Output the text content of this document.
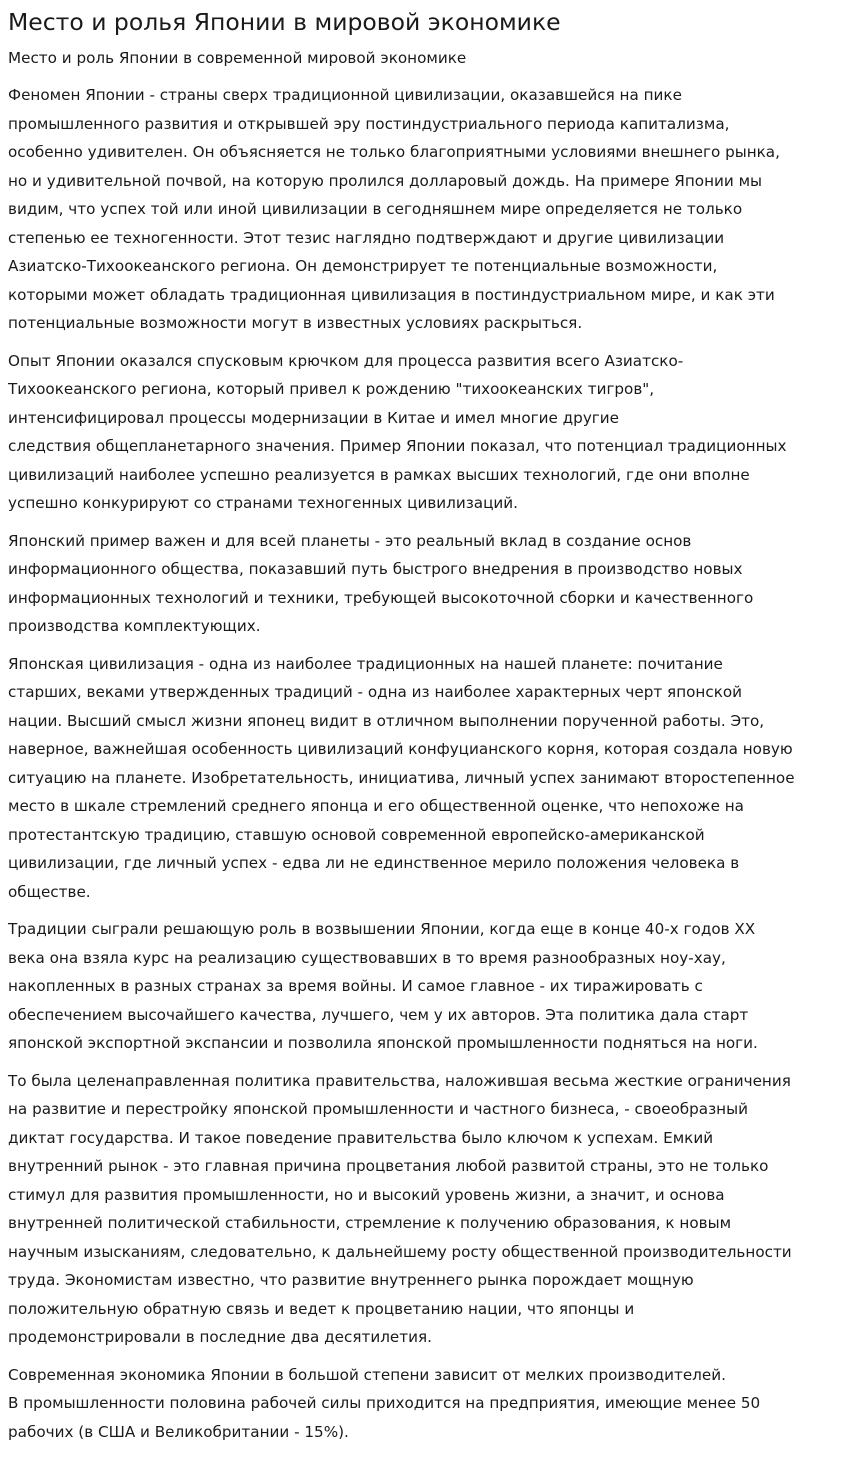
Место и ролья Японии в мировой экономике
Место и роль Японии в современной мировой экономике

Феномен Японии - страны сверх традиционной цивилизации, оказавшейся на пике
промышленного развития и открывшей эру постиндустриального периода капитализма,
особенно удивителен. Он объясняется не только благоприятными условиями внешнего рынка,
но и удивительной почвой, на которую пролился долларовый дождь. На примере Японии мы
видим, что успех той или иной цивилизации в сегодняшнем мире определяется не только
степенью ее техногенности. Этот тезис наглядно подтверждают и другие цивилизации
Азиатско-Тихоокеанского региона. Он демонстрирует те потенциальные возможности,
которыми может обладать традиционная цивилизация в постиндустриальном мире, и как эти
потенциальные возможности могут в известных условиях раскрыться.

Опыт Японии оказался спусковым крючком для процесса развития всего Азиатско-
Тихоокеанского региона, который привел к рождению "тихоокеанских тигров",
интенсифицировал процессы модернизации в Китае и имел многие другие
следствия общепланетарного значения. Пример Японии показал, что потенциал традиционных
цивилизаций наиболее успешно реализуется в рамках высших технологий, где они вполне
успешно конкурируют со странами техногенных цивилизаций.

Японский пример важен и для всей планеты - это реальный вклад в создание основ
информационного общества, показавший путь быстрого внедрения в производство новых
информационных технологий и техники, требующей высокоточной сборки и качественного
производства комплектующих.

Японская цивилизация - одна из наиболее традиционных на нашей планете: почитание
старших, веками утвержденных традиций - одна из наиболее характерных черт японской
нации. Высший смысл жизни японец видит в отличном выполнении порученной работы. Это,
наверное, важнейшая особенность цивилизаций конфуцианского корня, которая создала новую
ситуацию на планете. Изобретательность, инициатива, личный успех занимают второстепенное
место в шкале стремлений среднего японца и его общественной оценке, что непохоже на
протестантскую традицию, ставшую основой современной европейско-американской
цивилизации, где личный успех - едва ли не единственное мерило положения человека в
обществе.

Традиции сыграли решающую роль в возвышении Японии, когда еще в конце 40-х годов XX
века она взяла курс на реализацию существовавших в то время разнообразных ноу-хау,
накопленных в разных странах за время войны. И самое главное - их тиражировать с
обеспечением высочайшего качества, лучшего, чем у их авторов. Эта политика дала старт
японской экспортной экспансии и позволила японской промышленности подняться на ноги.

То была целенаправленная политика правительства, наложившая весьма жесткие ограничения
на развитие и перестройку японской промышленности и частного бизнеса, - своеобразный
диктат государства. И такое поведение правительства было ключом к успехам. Емкий
внутренний рынок - это главная причина процветания любой развитой страны, это не только
стимул для развития промышленности, но и высокий уровень жизни, а значит, и основа
внутренней политической стабильности, стремление к получению образования, к новым
научным изысканиям, следовательно, к дальнейшему росту общественной производительности
труда. Экономистам известно, что развитие внутреннего рынка порождает мощную
положительную обратную связь и ведет к процветанию нации, что японцы и
продемонстрировали в последние два десятилетия.

Современная экономика Японии в большой степени зависит от мелких производителей.
В промышленности половина рабочей силы приходится на предприятия, имеющие менее 50
рабочих (в США и Великобритании - 15%).
